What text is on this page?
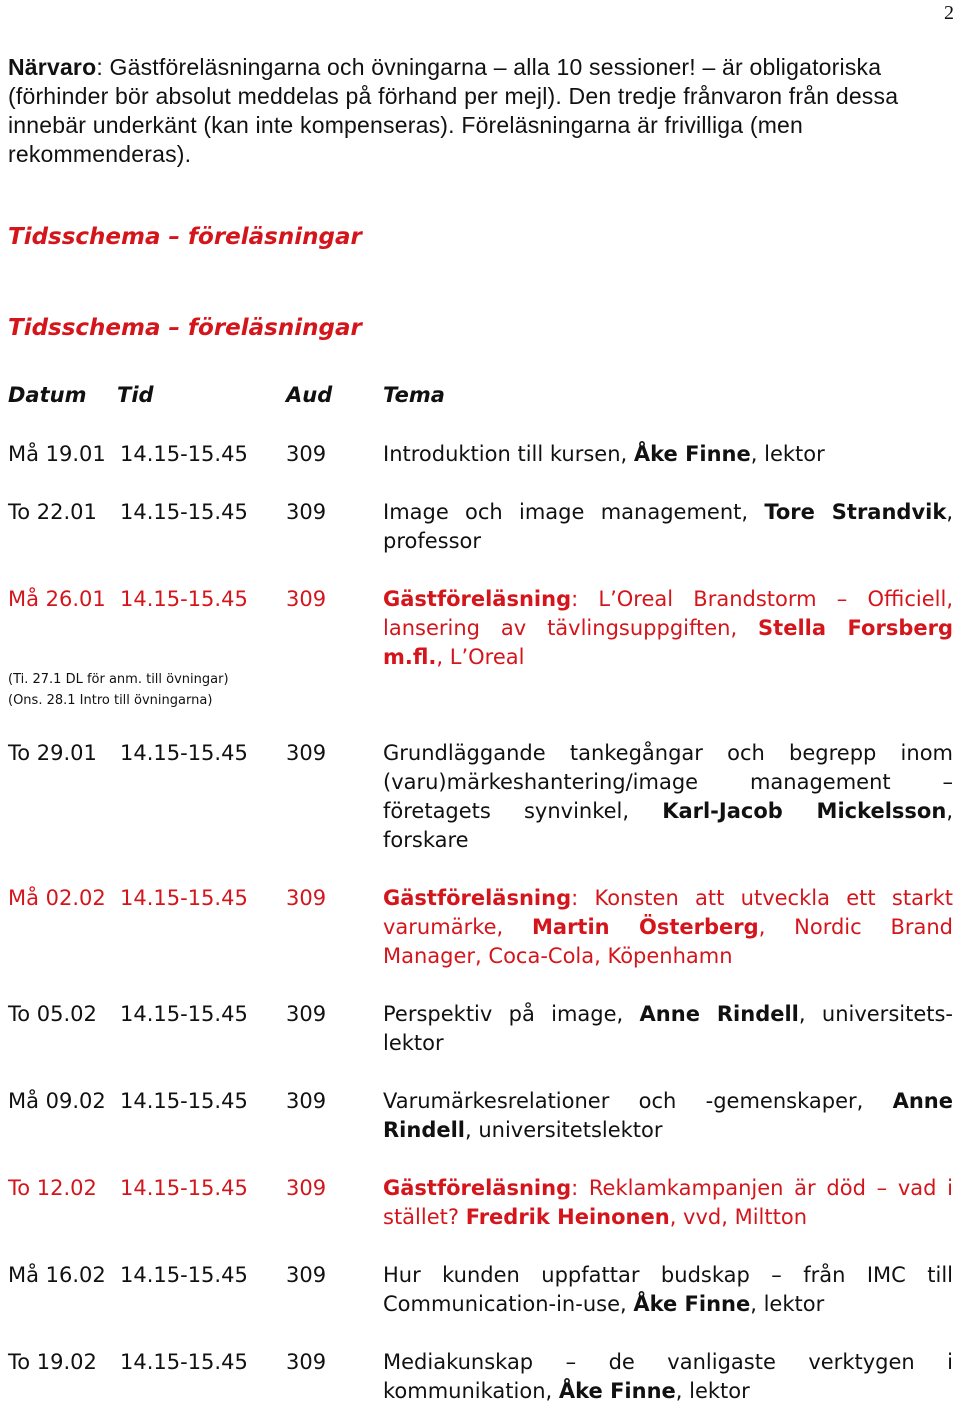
2

Närvaro: Gästföreläsningarna och övningarna – alla 10 sessioner! – är obligatoriska (förhinder bör absolut meddelas på förhand per mejl). Den tredje frånvaron från dessa innebär underkänt (kan inte kompenseras). Föreläsningarna är frivilliga (men rekommenderas).

Tidsschema – föreläsningar
Tidsschema – föreläsningar
Datum Tid	Aud Tema
Må 19.01 14.15-15.45 309	Introduktion till kursen, Åke Finne, lektor
To 22.01 14.15-15.45 309	Image och image management, Tore Strandvik, professor
Må 26.01 14.15-15.45 309	Gästföreläsning: L’Oreal Brandstorm – Officiell, lansering av tävlingsuppgiften, Stella Forsberg m.fl., L’Oreal
To 29.01 14.15-15.45 309	Grundläggande tankegångar och begrepp inom (varu)märkeshantering/image management – företagets synvinkel, Karl-Jacob Mickelsson, forskare
Må 02.02 14.15-15.45 309	Gästföreläsning: Konsten att utveckla ett starkt varumärke, Martin Österberg, Nordic Brand Manager, Coca-Cola, Köpenhamn
To 05.02 14.15-15.45 309	Perspektiv på image, Anne Rindell, universitets-lektor
Må 09.02 14.15-15.45 309	Varumärkesrelationer och -gemenskaper, Anne Rindell, universitetslektor
To 12.02 14.15-15.45 309	Gästföreläsning: Reklamkampanjen är död – vad i stället? Fredrik Heinonen, vvd, Miltton
Må 16.02 14.15-15.45 309	Hur kunden uppfattar budskap – från IMC till Communication-in-use, Åke Finne, lektor
To 19.02 14.15-15.45 309	Mediakunskap – de vanligaste verktygen i kommunikation, Åke Finne, lektor
(Ti. 27.1 DL för anm. till övningar)
(Ons. 28.1 Intro till övningarna)
